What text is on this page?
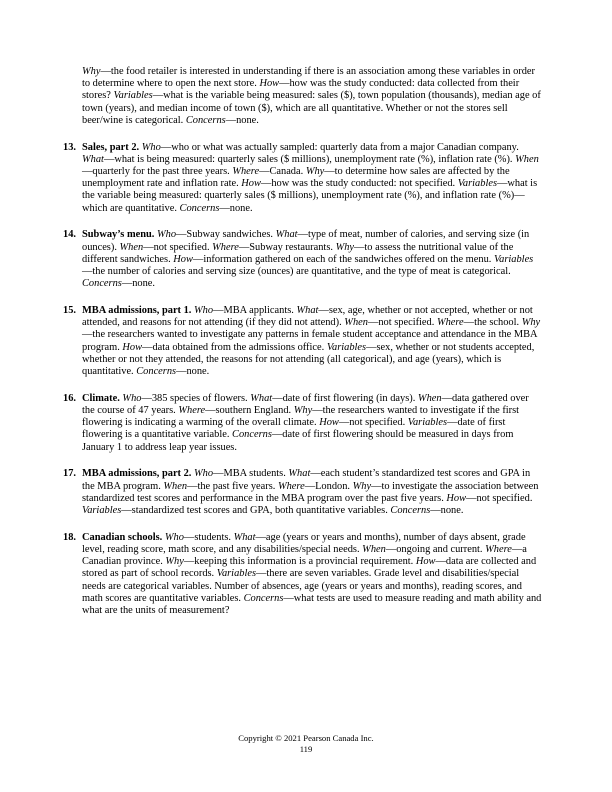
Why—the food retailer is interested in understanding if there is an association among these variables in order to determine where to open the next store. How—how was the study conducted: data collected from their stores? Variables—what is the variable being measured: sales ($), town population (thousands), median age of town (years), and median income of town ($), which are all quantitative. Whether or not the stores sell beer/wine is categorical. Concerns—none.

13. Sales, part 2. Who—who or what was actually sampled: quarterly data from a major Canadian company. What—what is being measured: quarterly sales ($ millions), unemployment rate (%), inflation rate (%). When—quarterly for the past three years. Where—Canada. Why—to determine how sales are affected by the unemployment rate and inflation rate. How—how was the study conducted: not specified. Variables—what is the variable being measured: quarterly sales ($ millions), unemployment rate (%), and inflation rate (%)—which are quantitative. Concerns—none.

14. Subway’s menu. Who—Subway sandwiches. What—type of meat, number of calories, and serving size (in ounces). When—not specified. Where—Subway restaurants. Why—to assess the nutritional value of the different sandwiches. How—information gathered on each of the sandwiches offered on the menu. Variables—the number of calories and serving size (ounces) are quantitative, and the type of meat is categorical. Concerns—none.

15. MBA admissions, part 1. Who—MBA applicants. What—sex, age, whether or not accepted, whether or not attended, and reasons for not attending (if they did not attend). When—not specified. Where—the school. Why—the researchers wanted to investigate any patterns in female student acceptance and attendance in the MBA program. How—data obtained from the admissions office. Variables—sex, whether or not students accepted, whether or not they attended, the reasons for not attending (all categorical), and age (years), which is quantitative. Concerns—none.

16. Climate. Who—385 species of flowers. What—date of first flowering (in days). When—data gathered over the course of 47 years. Where—southern England. Why—the researchers wanted to investigate if the first flowering is indicating a warming of the overall climate. How—not specified. Variables—date of first flowering is a quantitative variable. Concerns—date of first flowering should be measured in days from January 1 to address leap year issues.

17. MBA admissions, part 2. Who—MBA students. What—each student’s standardized test scores and GPA in the MBA program. When—the past five years. Where—London. Why—to investigate the association between standardized test scores and performance in the MBA program over the past five years. How—not specified. Variables—standardized test scores and GPA, both quantitative variables. Concerns—none.

18. Canadian schools. Who—students. What—age (years or years and months), number of days absent, grade level, reading score, math score, and any disabilities/special needs. When—ongoing and current. Where—a Canadian province. Why—keeping this information is a provincial requirement. How—data are collected and stored as part of school records. Variables—there are seven variables. Grade level and disabilities/special needs are categorical variables. Number of absences, age (years or years and months), reading scores, and math scores are quantitative variables. Concerns—what tests are used to measure reading and math ability and what are the units of measurement?

Copyright © 2021 Pearson Canada Inc.
119
